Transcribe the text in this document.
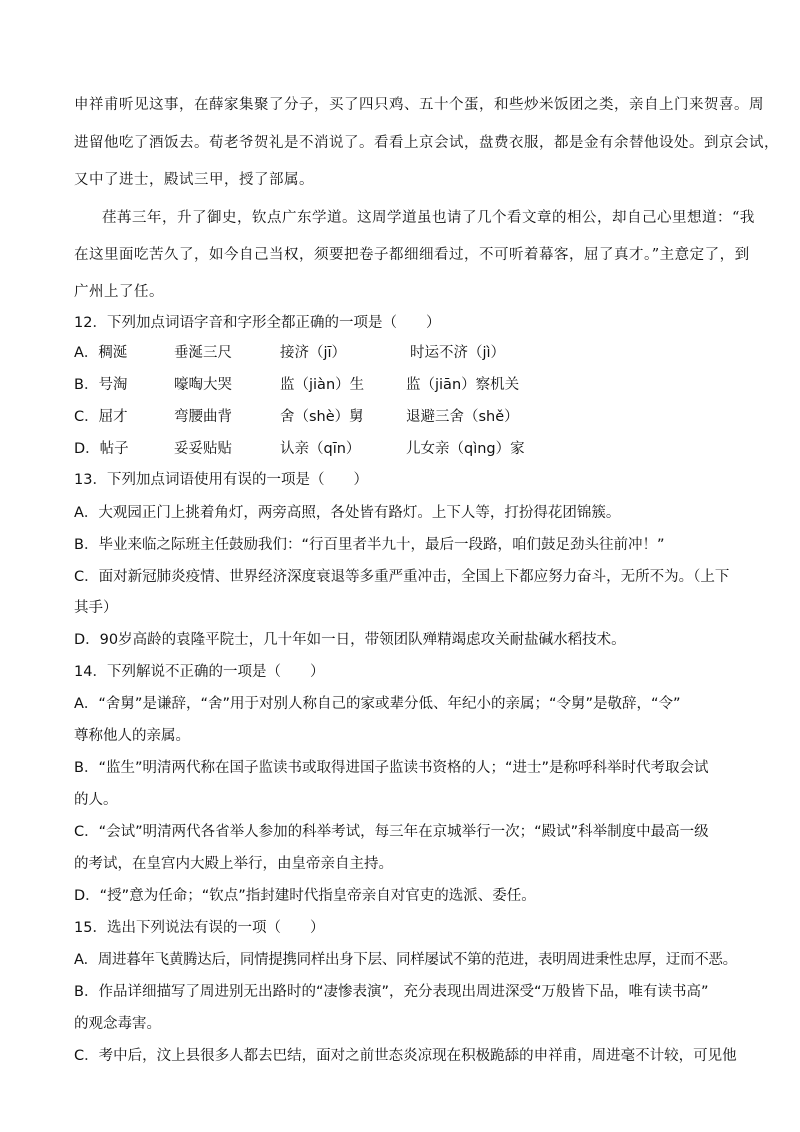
申祥甫听见这事，在薛家集聚了分子，买了四只鸡、五十个蛋，和些炒米饭团之类，亲自上门来贺喜。周
进留他吃了酒饭去。荀老爷贺礼是不消说了。看看上京会试，盘费衣服，都是金有余替他设处。到京会试，
又中了进士，殿试三甲，授了部属。
荏苒三年，升了御史，钦点广东学道。这周学道虽也请了几个看文章的相公，却自己心里想道：“我
在这里面吃苦久了，如今自己当权，须要把卷子都细细看过，不可听着幕客，屈了真才。”主意定了，到
广州上了任。
12．下列加点词语字音和字形全都正确的一项是（　　）
A．稠涎	垂涎三尺	接济（jī）	时运不济（jì）
B．号淘	嚎啕大哭	监（jiàn）生	监（jiān）察机关
C．屈才	弯腰曲背	舍（shè）舅	退避三舍（shě）
D．帖子	妥妥贴贴	认亲（qīn）	儿女亲（qìng）家
13．下列加点词语使用有误的一项是（　　）
A．大观园正门上挑着角灯，两旁高照，各处皆有路灯。上下人等，打扮得花团锦簇。
B．毕业来临之际班主任鼓励我们：“行百里者半九十，最后一段路，咱们鼓足劲头往前冲！”
C．面对新冠肺炎疫情、世界经济深度衰退等多重严重冲击，全国上下都应努力奋斗，无所不为。（上下
其手）
D．90岁高龄的袁隆平院士，几十年如一日，带领团队殚精竭虑攻关耐盐碱水稻技术。
14．下列解说不正确的一项是（　　）
A．“舍舅”是谦辞，“舍”用于对别人称自己的家或辈分低、年纪小的亲属；“令舅”是敬辞，“令”
尊称他人的亲属。
B．“监生”明清两代称在国子监读书或取得进国子监读书资格的人；“进士”是称呼科举时代考取会试
的人。
C．“会试”明清两代各省举人参加的科举考试，每三年在京城举行一次；“殿试”科举制度中最高一级
的考试，在皇宫内大殿上举行，由皇帝亲自主持。
D．“授”意为任命；“钦点”指封建时代指皇帝亲自对官吏的选派、委任。
15．选出下列说法有误的一项（　　）
A．周进暮年飞黄腾达后，同情提携同样出身下层、同样屡试不第的范进，表明周进秉性忠厚，迂而不恶。
B．作品详细描写了周进别无出路时的“凄惨表演”，充分表现出周进深受“万般皆下品，唯有读书高”
的观念毒害。
C．考中后，汶上县很多人都去巴结，面对之前世态炎凉现在积极跪舔的申祥甫，周进毫不计较，可见他
